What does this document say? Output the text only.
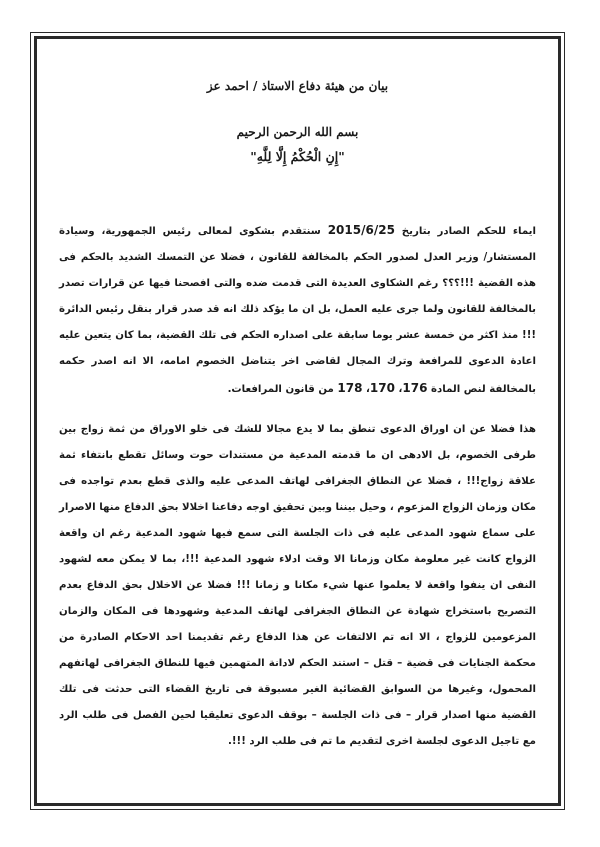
بيان من هيئة دفاع الاستاذ / احمد عز
بسم الله الرحمن الرحيم
"إِنِ الْحُكْمُ إِلَّا لِلَّهِ"

ايماء للحكم الصادر بتاريخ 2015/6/25 سنتقدم بشكوى لمعالى رئيس الجمهورية، وسيادة المستشار/ وزير العدل لصدور الحكم بالمخالفة للقانون ، فضلا عن التمسك الشديد بالحكم فى هذه القضية !!!؟؟؟ رغم الشكاوى العديدة التى قدمت ضده والتى افصحنا فيها عن قرارات تصدر بالمخالفة للقانون ولما جرى عليه العمل، بل ان ما يؤكد ذلك انه قد صدر قرار بنقل رئيس الدائرة !!! منذ اكثر من خمسة عشر يوما سابقة على اصداره الحكم فى تلك القضية، بما كان يتعين عليه اعادة الدعوى للمرافعة وترك المجال لقاضى اخر يتناضل الخصوم امامه، الا انه اصدر حكمه بالمخالفة لنص المادة 176، 170، 178 من قانون المرافعات.

هذا فضلا عن ان اوراق الدعوى تنطق بما لا يدع مجالا للشك فى خلو الاوراق من ثمة زواج بين طرفى الخصوم، بل الادهى ان ما قدمته المدعية من مستندات حوت وسائل تقطع بانتفاء ثمة علاقة زواج!!! ، فضلا عن النطاق الجغرافى لهاتف المدعى عليه والذى قطع بعدم تواجده فى مكان وزمان الزواج المزعوم ، وحيل بيننا وبين تحقيق اوجه دفاعنا اخلالا بحق الدفاع منها الاصرار على سماع شهود المدعى عليه فى ذات الجلسة التى سمع فيها شهود المدعية رغم ان واقعة الزواج كانت غير معلومة مكان وزمانا الا وقت ادلاء شهود المدعية !!!، بما لا يمكن معه لشهود النفى ان ينفوا واقعة لا يعلموا عنها شيء مكانا و زمانا !!! فضلا عن الاخلال بحق الدفاع بعدم التصريح باستخراج شهادة عن النطاق الجغرافى لهاتف المدعية وشهودها فى المكان والزمان المزعومين للزواج ، الا انه تم الالتفات عن هذا الدفاع رغم تقديمنا احد الاحكام الصادرة من محكمة الجنايات فى قضية – قتل – استند الحكم لادانة المتهمين فيها للنطاق الجغرافى لهاتفهم المحمول، وغيرها من السوابق القضائية الغير مسبوقة فى تاريخ القضاء التى حدثت فى تلك القضية منها اصدار قرار – فى ذات الجلسة – بوقف الدعوى تعليقيا لحين الفصل فى طلب الرد مع تاجيل الدعوى لجلسة اخرى لتقديم ما تم فى طلب الرد !!!.
